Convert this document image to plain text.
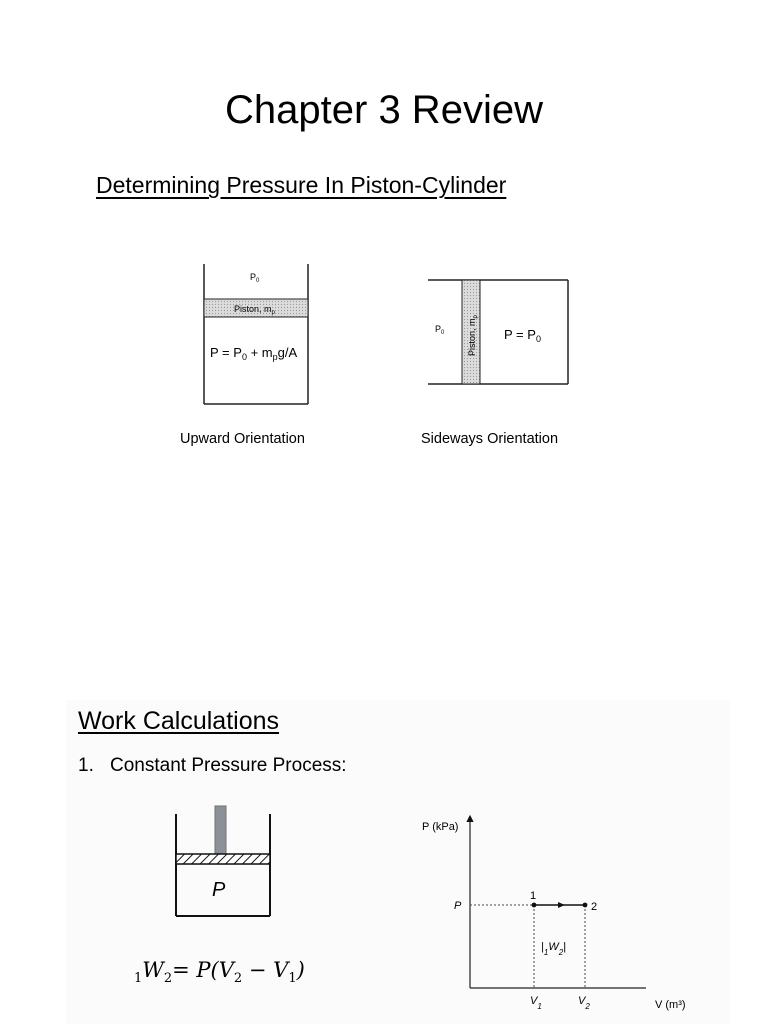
Chapter 3 Review
Determining Pressure In Piston-Cylinder
$P_0$
Piston, $m_p$
$P = P_0 + m_pg/A$
Upward Orientation
$P_0$	Piston, $m_p$
$P = P_0$
Sideways Orientation
Work Calculations
1. Constant Pressure Process:
P
$_1W_2= P(V_2 - V_1)$
P (kPa)
V (m³)
P
$V_1$	$V_2$
1
2
$|_1W_2|$
